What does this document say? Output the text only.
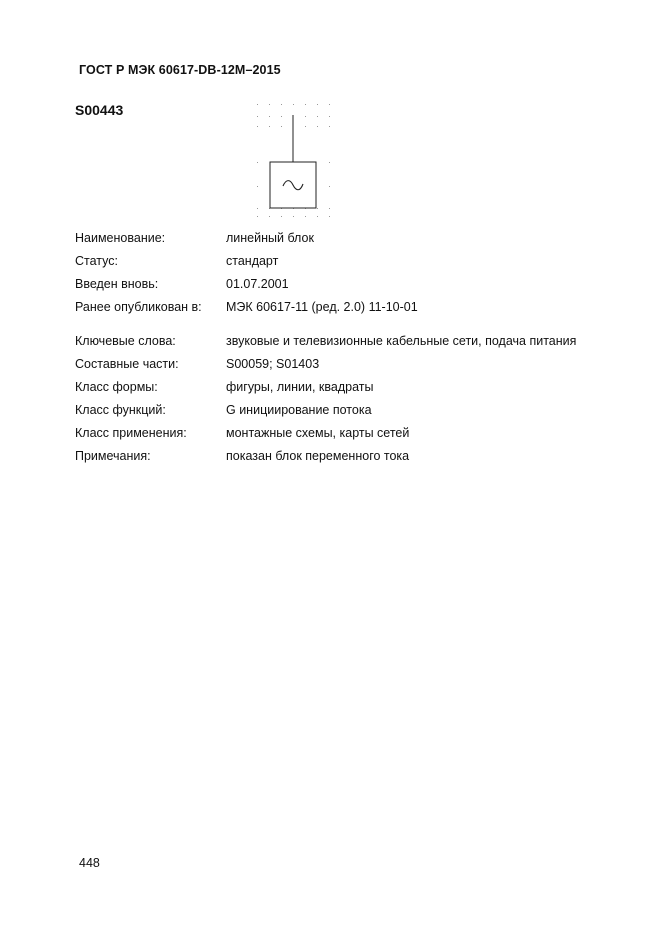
ГОСТ Р МЭК 60617-DB-12M–2015
S00443
Наименование:	линейный блок
Статус:	стандарт
Введен вновь:	01.07.2001
Ранее опубликован в:	МЭК 60617-11 (ред. 2.0) 11-10-01
Ключевые слова:	звуковые и телевизионные кабельные сети, подача питания
Составные части:	S00059; S01403
Класс формы:	фигуры, линии, квадраты
Класс функций:	G инициирование потока
Класс применения:	монтажные схемы, карты сетей
Примечания:	показан блок переменного тока
448
